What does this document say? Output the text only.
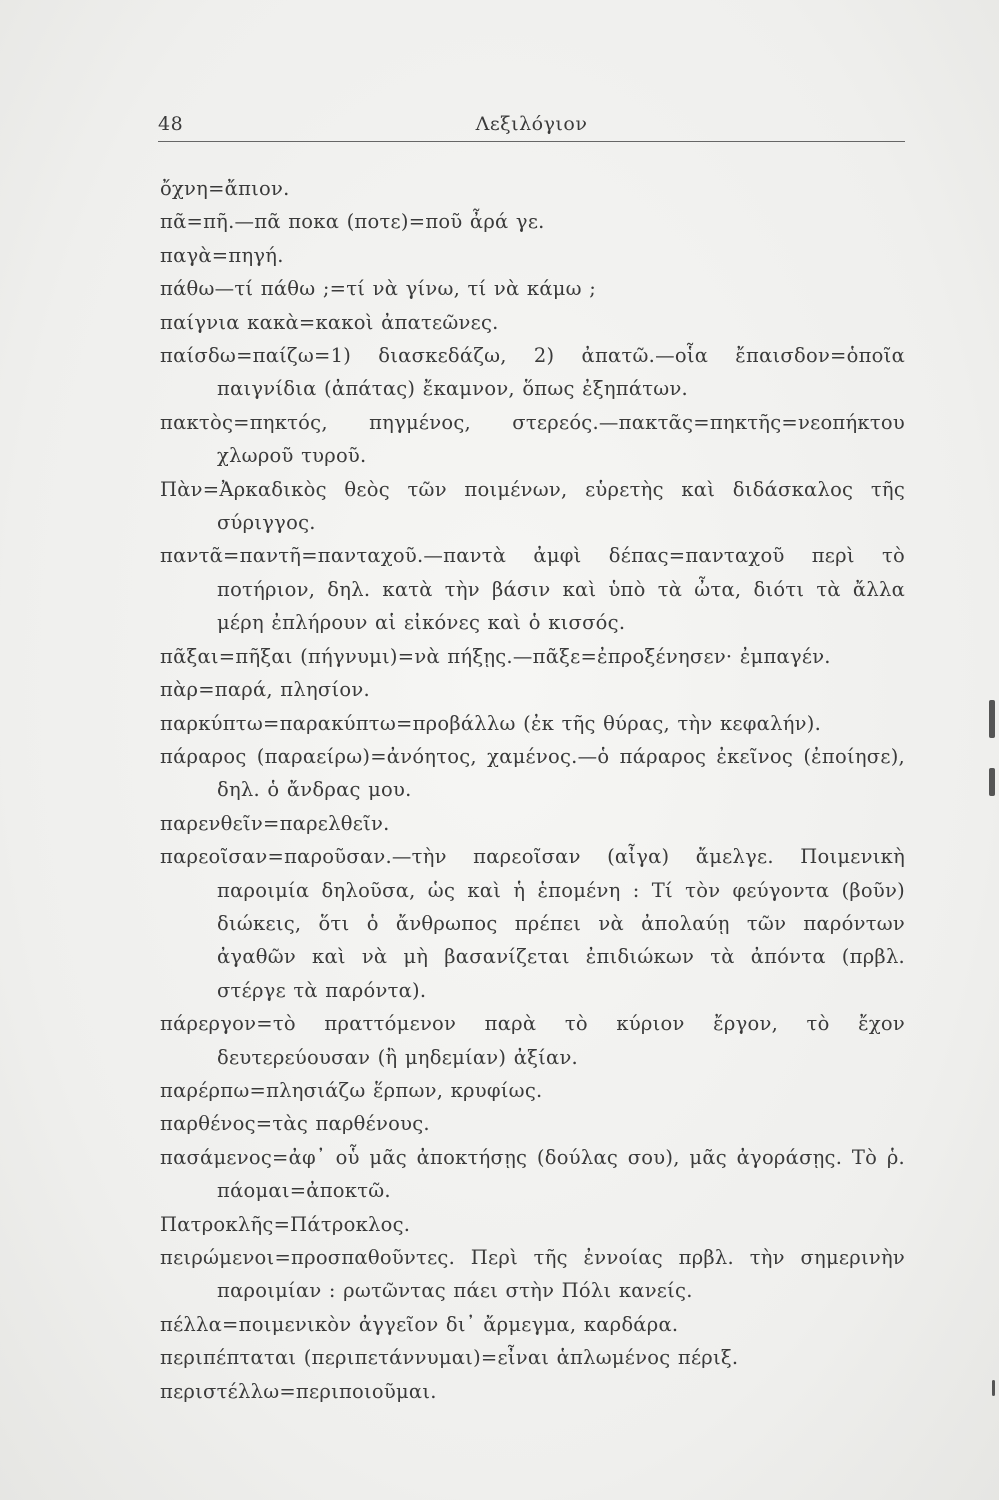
48	Λεξιλόγιον
ὄχνη=ἄπιον.
πᾶ=πῆ.—πᾶ ποκα (ποτε)=ποῦ ἆρά γε.
παγὰ=πηγή.
πάθω—τί πάθω ;=τί νὰ γίνω, τί νὰ κάμω ;
παίγνια κακὰ=κακοὶ ἀπατεῶνες.
παίσδω=παίζω=1) διασκεδάζω, 2) ἀπατῶ.—οἷα ἔπαισδον=ὁποῖα παιγνίδια (ἀπάτας) ἔκαμνον, ὅπως ἐξηπάτων.
πακτὸς=πηκτός, πηγμένος, στερεός.—πακτᾶς=πηκτῆς=νεοπήκτου χλωροῦ τυροῦ.
Πὰν=Ἀρκαδικὸς θεὸς τῶν ποιμένων, εὑρετὴς καὶ διδάσκαλος τῆς σύριγγος.
παντᾶ=παντῆ=πανταχοῦ.—παντὰ ἀμφὶ δέπας=πανταχοῦ περὶ τὸ ποτήριον, δηλ. κατὰ τὴν βάσιν καὶ ὑπὸ τὰ ὦτα, διότι τὰ ἄλλα μέρη ἐπλήρουν αἱ εἰκόνες καὶ ὁ κισσός.
πᾶξαι=πῆξαι (πήγνυμι)=νὰ πήξῃς.—πᾶξε=ἐπροξένησεν· ἐμπαγέν.
πὰρ=παρά, πλησίον.
παρκύπτω=παρακύπτω=προβάλλω (ἐκ τῆς θύρας, τὴν κεφαλήν).
πάραρος (παραείρω)=ἀνόητος, χαμένος.—ὁ πάραρος ἐκεῖνος (ἐποίησε), δηλ. ὁ ἄνδρας μου.
παρενθεῖν=παρελθεῖν.
παρεοῖσαν=παροῦσαν.—τὴν παρεοῖσαν (αἶγα) ἄμελγε. Ποιμενικὴ παροιμία δηλοῦσα, ὡς καὶ ἡ ἑπομένη : Τί τὸν φεύγοντα (βοῦν) διώκεις, ὅτι ὁ ἄνθρωπος πρέπει νὰ ἀπολαύῃ τῶν παρόντων ἀγαθῶν καὶ νὰ μὴ βασανίζεται ἐπιδιώκων τὰ ἀπόντα (πρβλ. στέργε τὰ παρόντα).
πάρεργον=τὸ πραττόμενον παρὰ τὸ κύριον ἔργον, τὸ ἔχον δευτερεύουσαν (ἢ μηδεμίαν) ἀξίαν.
παρέρπω=πλησιάζω ἕρπων, κρυφίως.
παρθένος=τὰς παρθένους.
πασάμενος=ἀφ᾽ οὗ μᾶς ἀποκτήσῃς (δούλας σου), μᾶς ἀγοράσῃς. Τὸ ῥ. πάομαι=ἀποκτῶ.
Πατροκλῆς=Πάτροκλος.
πειρώμενοι=προσπαθοῦντες. Περὶ τῆς ἐννοίας πρβλ. τὴν σημερινὴν παροιμίαν : ρωτῶντας πάει στὴν Πόλι κανείς.
πέλλα=ποιμενικὸν ἀγγεῖον δι᾽ ἄρμεγμα, καρδάρα.
περιπέπταται (περιπετάννυμαι)=εἶναι ἁπλωμένος πέριξ.
περιστέλλω=περιποιοῦμαι.
